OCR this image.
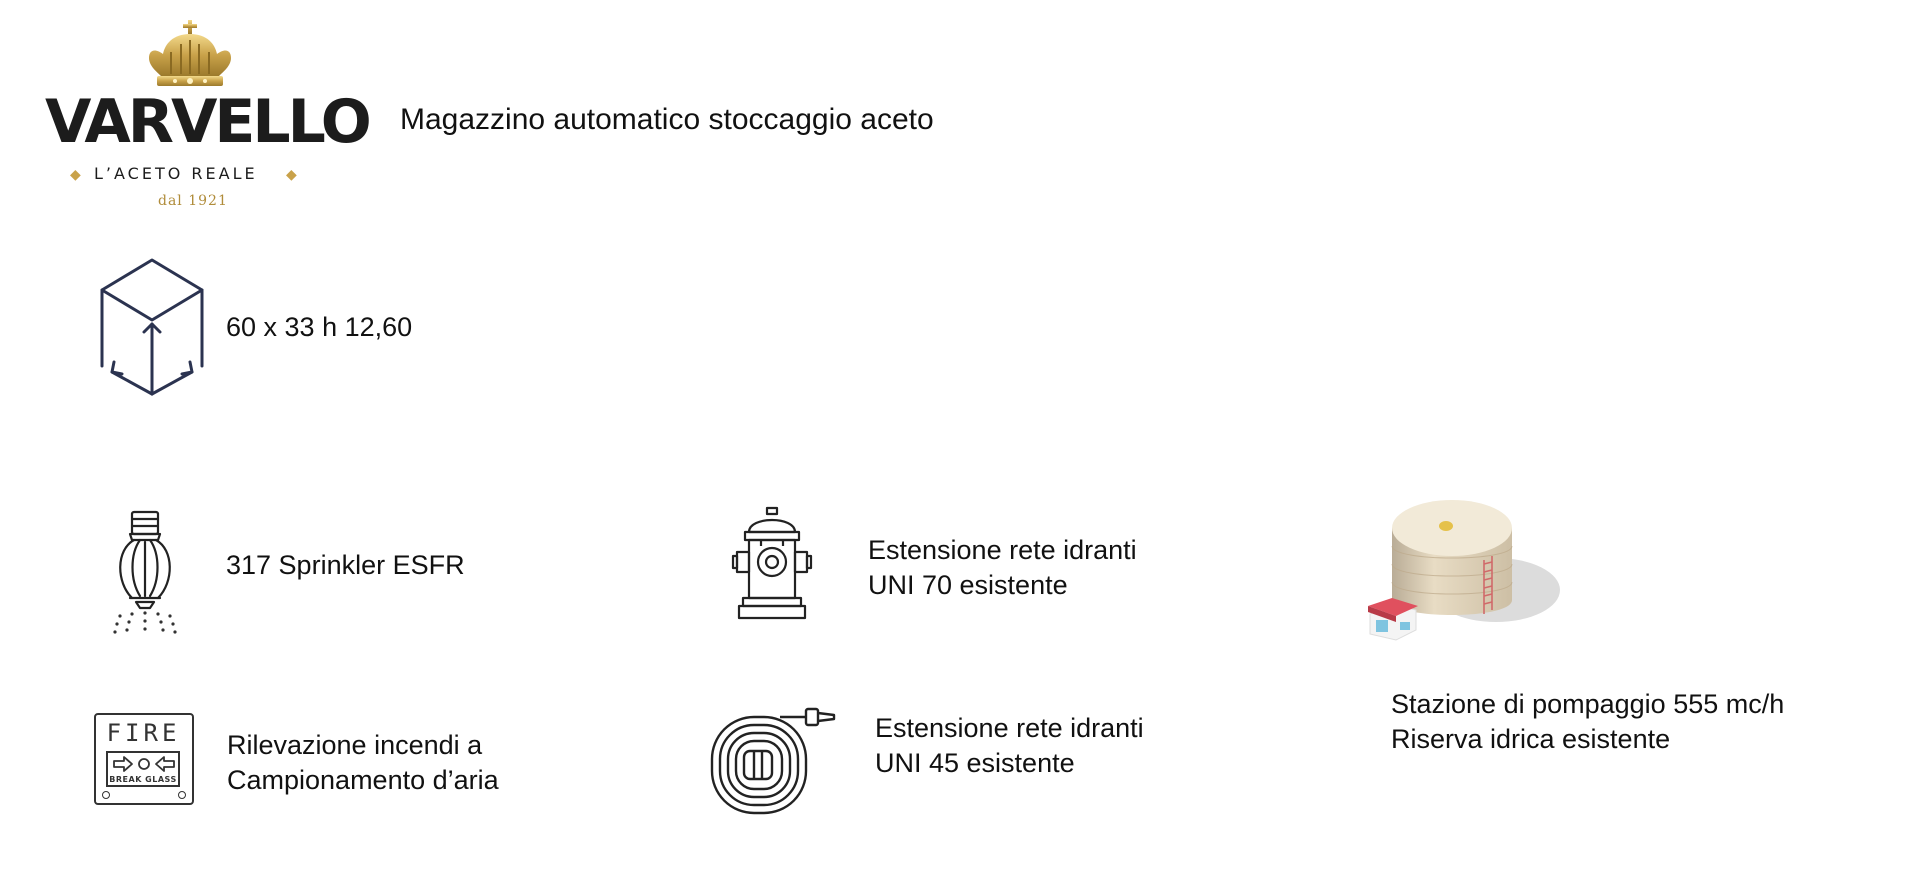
VARVELLO
◆ L’ACETO REALE ◆
dal 1921
Magazzino automatico stoccaggio aceto
60 x 33 h 12,60
317 Sprinkler ESFR
FIRE
BREAK GLASS
Rilevazione incendi a
Campionamento d’aria
Estensione rete idranti
UNI 70 esistente
Estensione rete idranti
UNI 45 esistente
Stazione di pompaggio 555 mc/h
Riserva idrica esistente
